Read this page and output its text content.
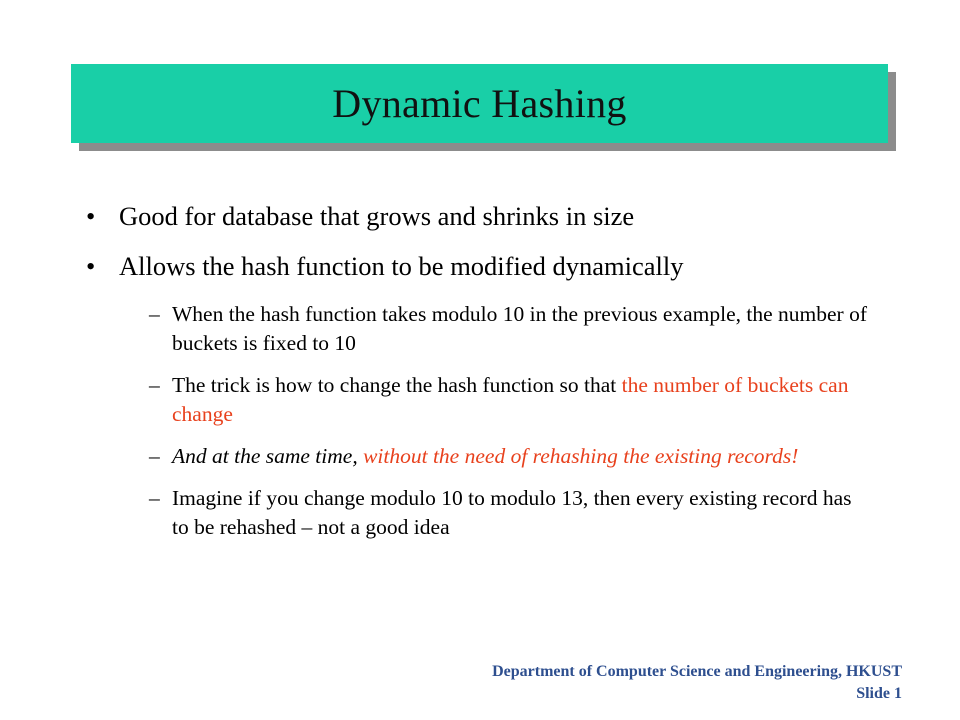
Dynamic Hashing
• Good for database that grows and shrinks in size
• Allows the hash function to be modified dynamically
– When the hash function takes modulo 10 in the previous example, the number of buckets is fixed to 10
– The trick is how to change the hash function so that the number of buckets can change
– And at the same time, without the need of rehashing the existing records!
– Imagine if you change modulo 10 to modulo 13, then every existing record has to be rehashed – not a good idea
Department of Computer Science and Engineering, HKUST
Slide 1
